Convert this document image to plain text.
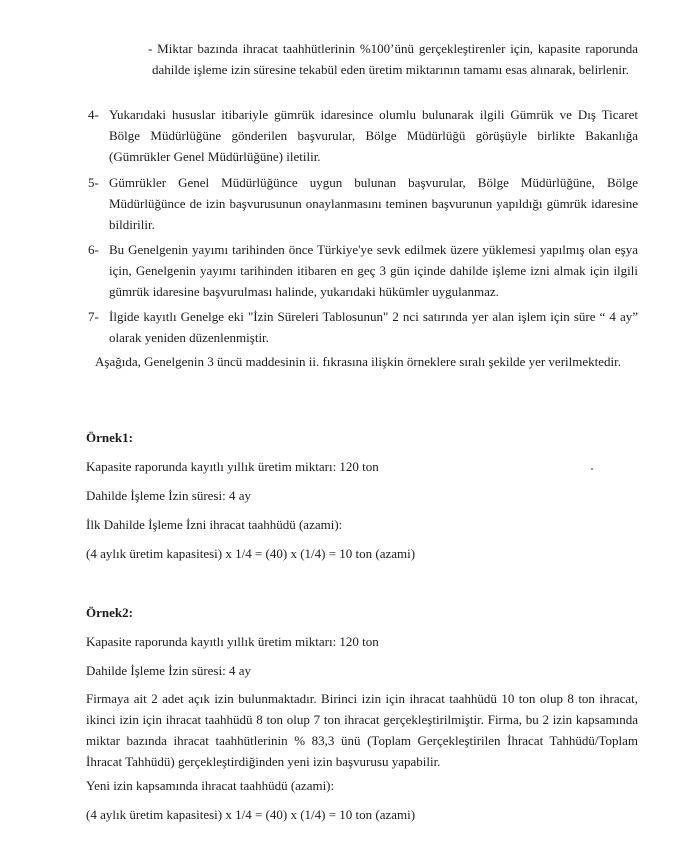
- Miktar bazında ihracat taahhütlerinin %100’ünü gerçekleştirenler için, kapasite raporunda dahilde işleme izin süresine tekabül eden üretim miktarının tamamı esas alınarak, belirlenir.
4- Yukarıdaki hususlar itibariyle gümrük idaresince olumlu bulunarak ilgili Gümrük ve Dış Ticaret Bölge Müdürlüğüne gönderilen başvurular, Bölge Müdürlüğü görüşüyle birlikte Bakanlığa (Gümrükler Genel Müdürlüğüne) iletilir.
5- Gümrükler Genel Müdürlüğünce uygun bulunan başvurular, Bölge Müdürlüğüne, Bölge Müdürlüğünce de izin başvurusunun onaylanmasını teminen başvurunun yapıldığı gümrük idaresine bildirilir.
6- Bu Genelgenin yayımı tarihinden önce Türkiye'ye sevk edilmek üzere yüklemesi yapılmış olan eşya için, Genelgenin yayımı tarihinden itibaren en geç 3 gün içinde dahilde işleme izni almak için ilgili gümrük idaresine başvurulması halinde, yukarıdaki hükümler uygulanmaz.
7- İlgide kayıtlı Genelge eki "İzin Süreleri Tablosunun" 2 nci satırında yer alan işlem için süre “ 4 ay” olarak yeniden düzenlenmiştir.
Aşağıda, Genelgenin 3 üncü maddesinin ii. fıkrasına ilişkin örneklere sıralı şekilde yer verilmektedir.
Örnek1:
Kapasite raporunda kayıtlı yıllık üretim miktarı: 120 ton
Dahilde İşleme İzin süresi: 4 ay
İlk Dahilde İşleme İzni ihracat taahhüdü (azami):
(4 aylık üretim kapasitesi) x 1/4 = (40) x (1/4) = 10 ton (azami)
Örnek2:
Kapasite raporunda kayıtlı yıllık üretim miktarı: 120 ton
Dahilde İşleme İzin süresi: 4 ay
Firmaya ait 2 adet açık izin bulunmaktadır. Birinci izin için ihracat taahhüdü 10 ton olup 8 ton ihracat, ikinci izin için ihracat taahhüdü 8 ton olup 7 ton ihracat gerçekleştirilmiştir. Firma, bu 2 izin kapsamında miktar bazında ihracat taahhütlerinin % 83,3 ünü (Toplam Gerçekleştirilen İhracat Tahhüdü/Toplam İhracat Tahhüdü) gerçekleştirdiğinden yeni izin başvurusu yapabilir.
Yeni izin kapsamında ihracat taahhüdü (azami):
(4 aylık üretim kapasitesi) x 1/4 = (40) x (1/4) = 10 ton (azami)
